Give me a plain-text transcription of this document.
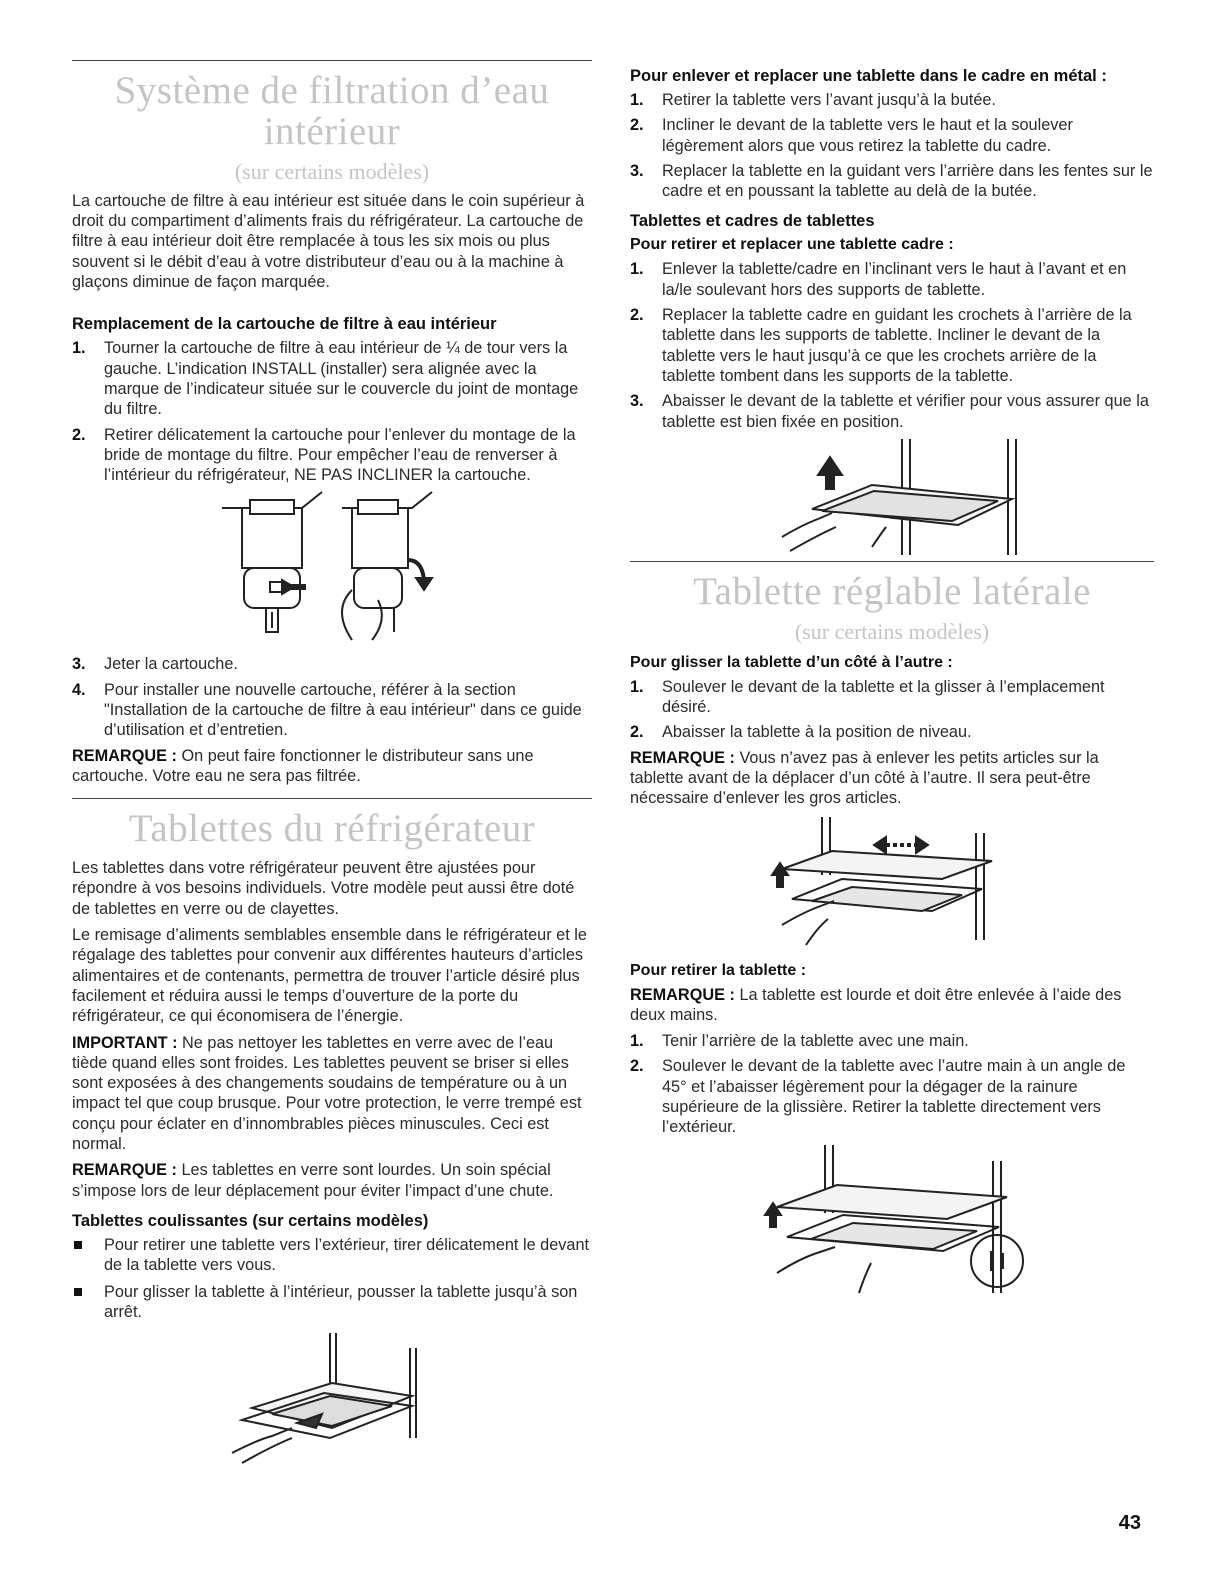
Système de filtration d’eau intérieur
(sur certains modèles)

La cartouche de filtre à eau intérieur est située dans le coin supérieur à droit du compartiment d’aliments frais du réfrigérateur. La cartouche de filtre à eau intérieur doit être remplacée à tous les six mois ou plus souvent si le débit d’eau à votre distributeur d’eau ou à la machine à glaçons diminue de façon marquée.

Remplacement de la cartouche de filtre à eau intérieur
1. Tourner la cartouche de filtre à eau intérieur de ¼ de tour vers la gauche. L’indication INSTALL (installer) sera alignée avec la marque de l’indicateur située sur le couvercle du joint de montage du filtre.
2. Retirer délicatement la cartouche pour l’enlever du montage de la bride de montage du filtre. Pour empêcher l’eau de renverser à l’intérieur du réfrigérateur, NE PAS INCLINER la cartouche.
3. Jeter la cartouche.
4. Pour installer une nouvelle cartouche, référer à la section "Installation de la cartouche de filtre à eau intérieur" dans ce guide d’utilisation et d’entretien.

REMARQUE : On peut faire fonctionner le distributeur sans une cartouche. Votre eau ne sera pas filtrée.

Tablettes du réfrigérateur

Les tablettes dans votre réfrigérateur peuvent être ajustées pour répondre à vos besoins individuels. Votre modèle peut aussi être doté de tablettes en verre ou de clayettes.

Le remisage d’aliments semblables ensemble dans le réfrigérateur et le régalage des tablettes pour convenir aux différentes hauteurs d’articles alimentaires et de contenants, permettra de trouver l’article désiré plus facilement et réduira aussi le temps d’ouverture de la porte du réfrigérateur, ce qui économisera de l’énergie.

IMPORTANT : Ne pas nettoyer les tablettes en verre avec de l’eau tiède quand elles sont froides. Les tablettes peuvent se briser si elles sont exposées à des changements soudains de température ou à un impact tel que coup brusque. Pour votre protection, le verre trempé est conçu pour éclater en d’innombrables pièces minuscules. Ceci est normal.

REMARQUE : Les tablettes en verre sont lourdes. Un soin spécial s’impose lors de leur déplacement pour éviter l’impact d’une chute.

Tablettes coulissantes (sur certains modèles)
Pour retirer une tablette vers l’extérieur, tirer délicatement le devant de la tablette vers vous.
Pour glisser la tablette à l’intérieur, pousser la tablette jusqu’à son arrêt.
Pour enlever et replacer une tablette dans le cadre en métal :
1. Retirer la tablette vers l’avant jusqu’à la butée.
2. Incliner le devant de la tablette vers le haut et la soulever légèrement alors que vous retirez la tablette du cadre.
3. Replacer la tablette en la guidant vers l’arrière dans les fentes sur le cadre et en poussant la tablette au delà de la butée.
Tablettes et cadres de tablettes
Pour retirer et replacer une tablette cadre :
1. Enlever la tablette/cadre en l’inclinant vers le haut à l’avant et en la/le soulevant hors des supports de tablette.
2. Replacer la tablette cadre en guidant les crochets à l’arrière de la tablette dans les supports de tablette. Incliner le devant de la tablette vers le haut jusqu’à ce que les crochets arrière de la tablette tombent dans les supports de la tablette.
3. Abaisser le devant de la tablette et vérifier pour vous assurer que la tablette est bien fixée en position.
Tablette réglable latérale
(sur certains modèles)
Pour glisser la tablette d’un côté à l’autre :
1. Soulever le devant de la tablette et la glisser à l’emplacement désiré.
2. Abaisser la tablette à la position de niveau.

REMARQUE : Vous n’avez pas à enlever les petits articles sur la tablette avant de la déplacer d’un côté à l’autre. Il sera peut-être nécessaire d’enlever les gros articles.

Pour retirer la tablette :

REMARQUE : La tablette est lourde et doit être enlevée à l’aide des deux mains.

1. Tenir l’arrière de la tablette avec une main.
2. Soulever le devant de la tablette avec l’autre main à un angle de 45° et l’abaisser légèrement pour la dégager de la rainure supérieure de la glissière. Retirer la tablette directement vers l’extérieur.
43
